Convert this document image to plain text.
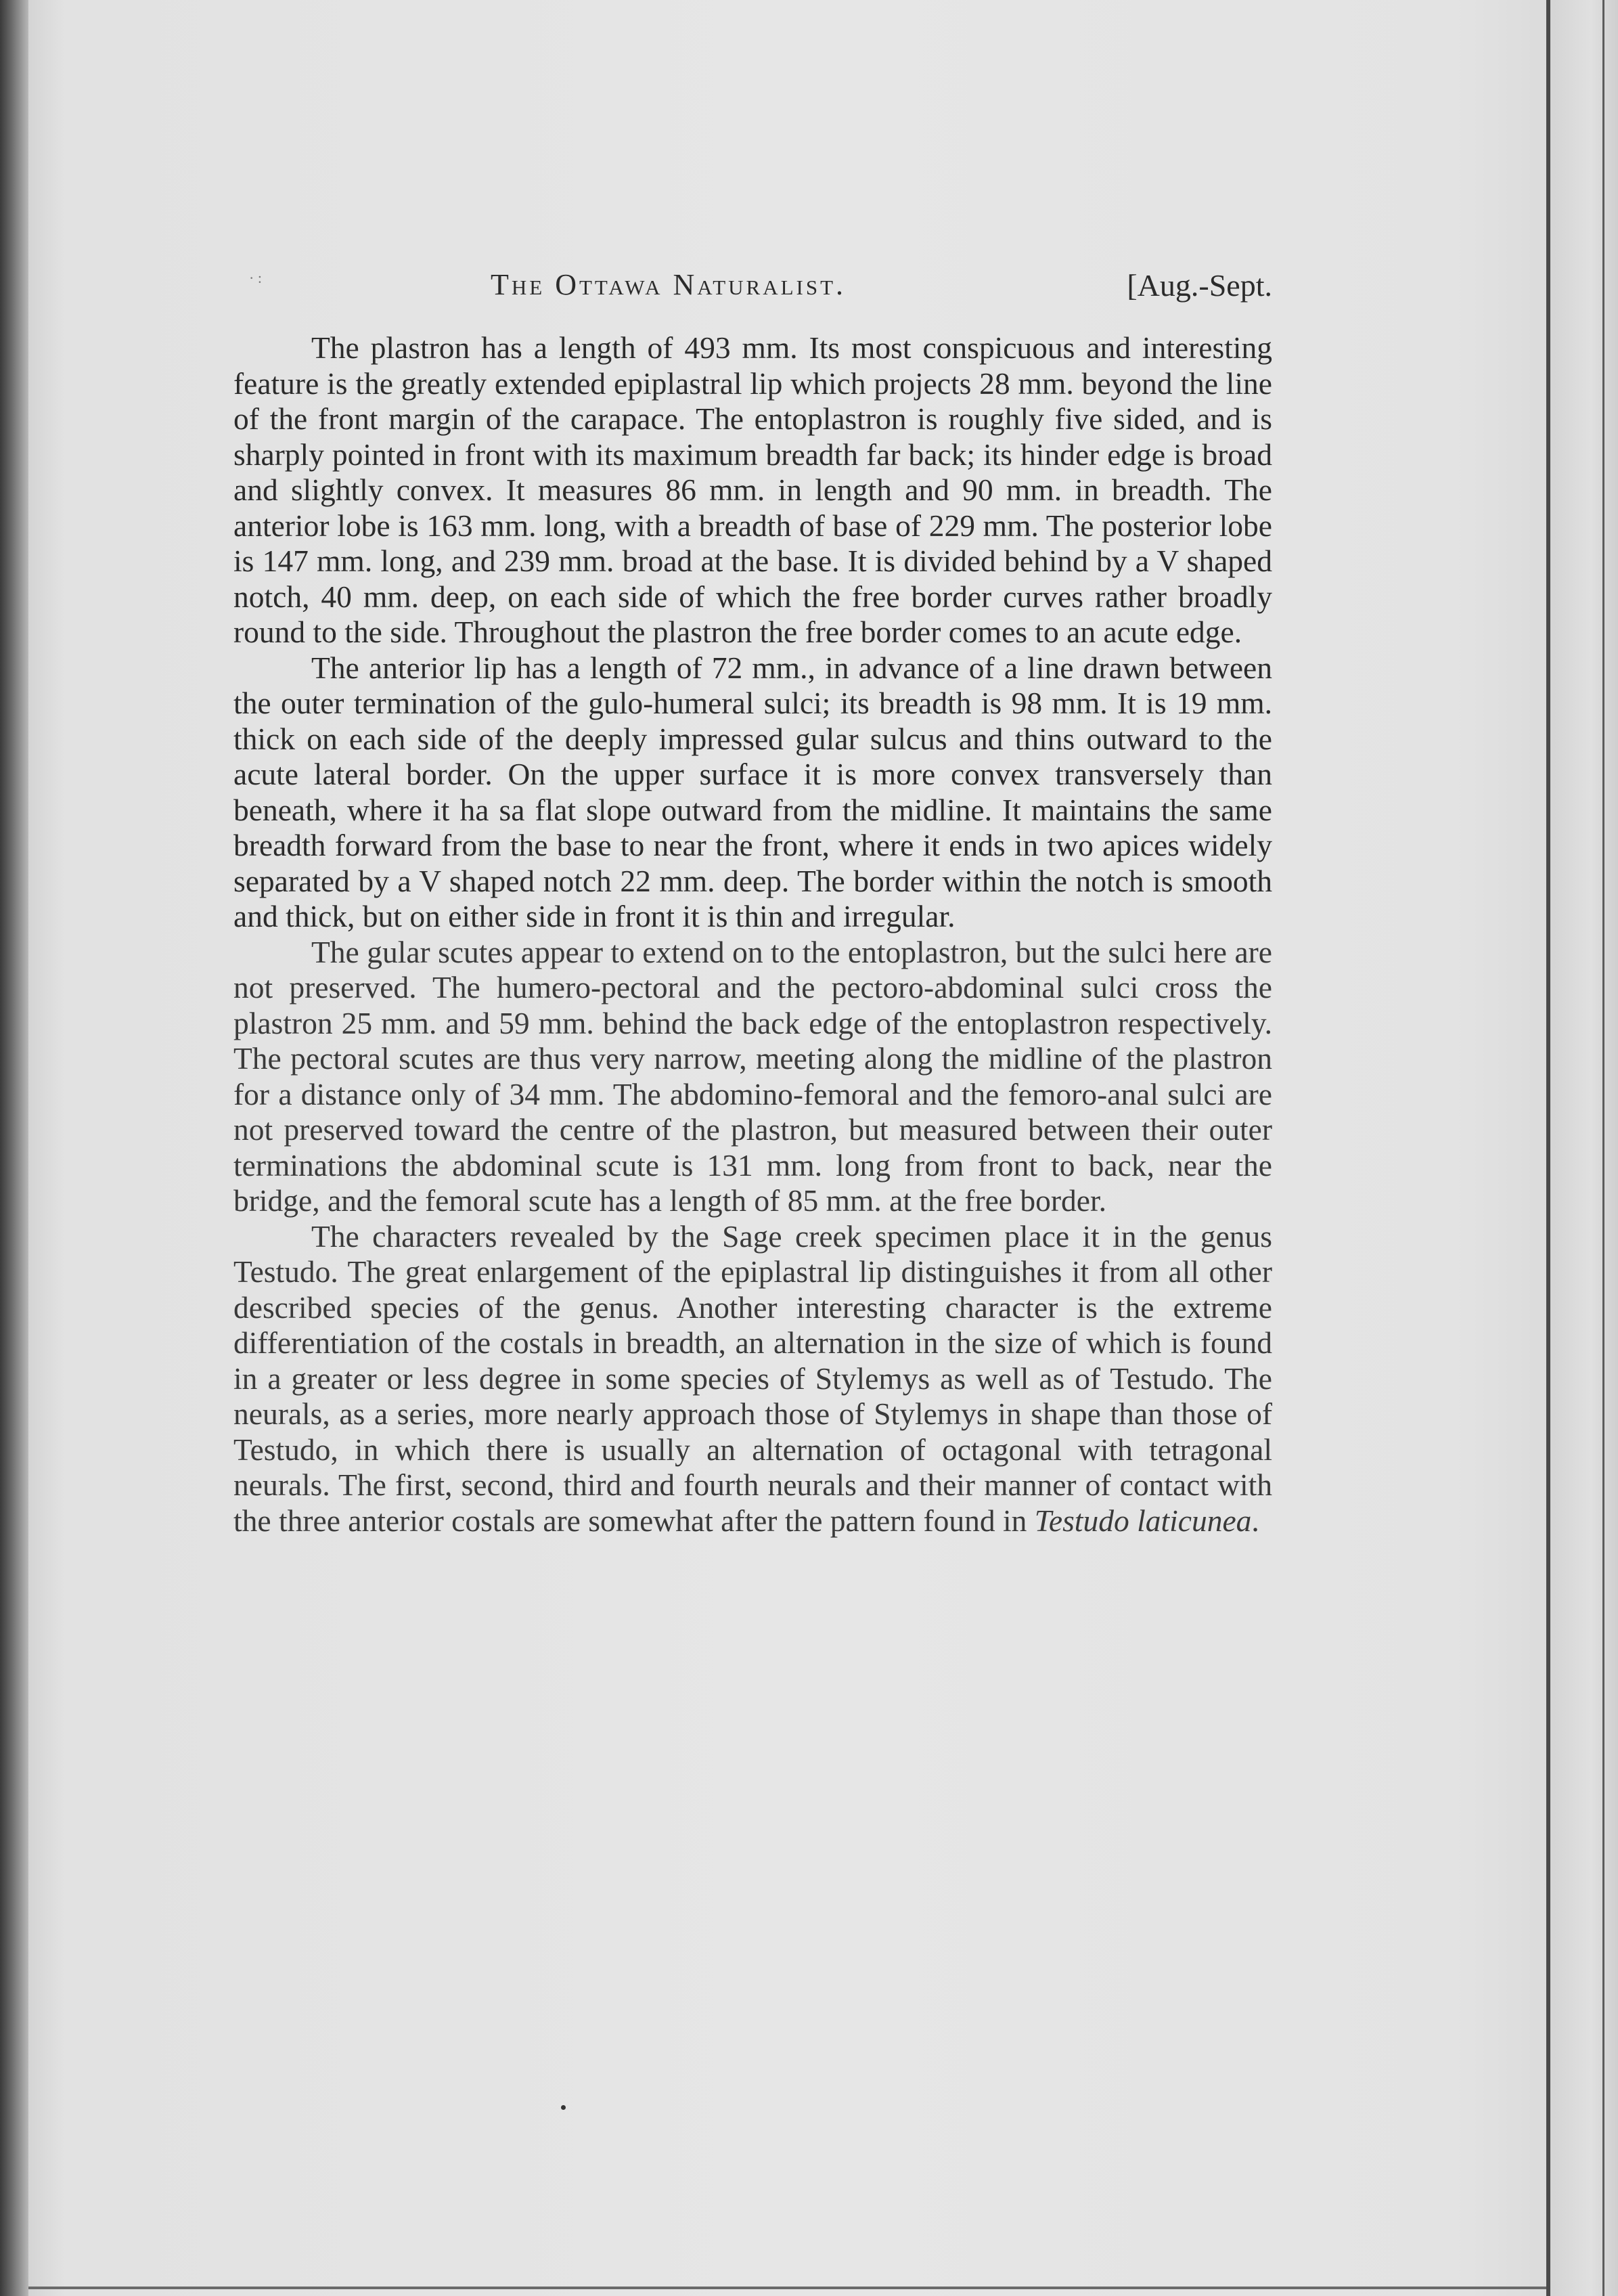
· :	The Ottawa Naturalist.	[Aug.-Sept.

The plastron has a length of 493 mm. Its most conspicuous and interesting feature is the greatly extended epiplastral lip which projects 28 mm. beyond the line of the front margin of the carapace. The entoplastron is roughly five sided, and is sharply pointed in front with its maximum breadth far back; its hinder edge is broad and slightly convex. It measures 86 mm. in length and 90 mm. in breadth. The anterior lobe is 163 mm. long, with a breadth of base of 229 mm. The posterior lobe is 147 mm. long, and 239 mm. broad at the base. It is divided behind by a V shaped notch, 40 mm. deep, on each side of which the free border curves rather broadly round to the side. Throughout the plastron the free border comes to an acute edge.

The anterior lip has a length of 72 mm., in advance of a line drawn between the outer termination of the gulo-humeral sulci; its breadth is 98 mm. It is 19 mm. thick on each side of the deeply impressed gular sulcus and thins outward to the acute lateral border. On the upper surface it is more convex transversely than beneath, where it ha sa flat slope outward from the midline. It maintains the same breadth forward from the base to near the front, where it ends in two apices widely separated by a V shaped notch 22 mm. deep. The border within the notch is smooth and thick, but on either side in front it is thin and irregular.

The gular scutes appear to extend on to the entoplastron, but the sulci here are not preserved. The humero-pectoral and the pectoro-abdominal sulci cross the plastron 25 mm. and 59 mm. behind the back edge of the entoplastron respectively. The pectoral scutes are thus very narrow, meeting along the midline of the plastron for a distance only of 34 mm. The abdomino-femoral and the femoro-anal sulci are not preserved toward the centre of the plastron, but measured between their outer terminations the abdominal scute is 131 mm. long from front to back, near the bridge, and the femoral scute has a length of 85 mm. at the free border.

The characters revealed by the Sage creek specimen place it in the genus Testudo. The great enlargement of the epiplastral lip distinguishes it from all other described species of the genus. Another interesting character is the extreme differentiation of the costals in breadth, an alternation in the size of which is found in a greater or less degree in some species of Stylemys as well as of Testudo. The neurals, as a series, more nearly approach those of Stylemys in shape than those of Testudo, in which there is usually an alternation of octagonal with tetragonal neurals. The first, second, third and fourth neurals and their manner of contact with the three anterior costals are somewhat after the pattern found in Testudo laticunea.
